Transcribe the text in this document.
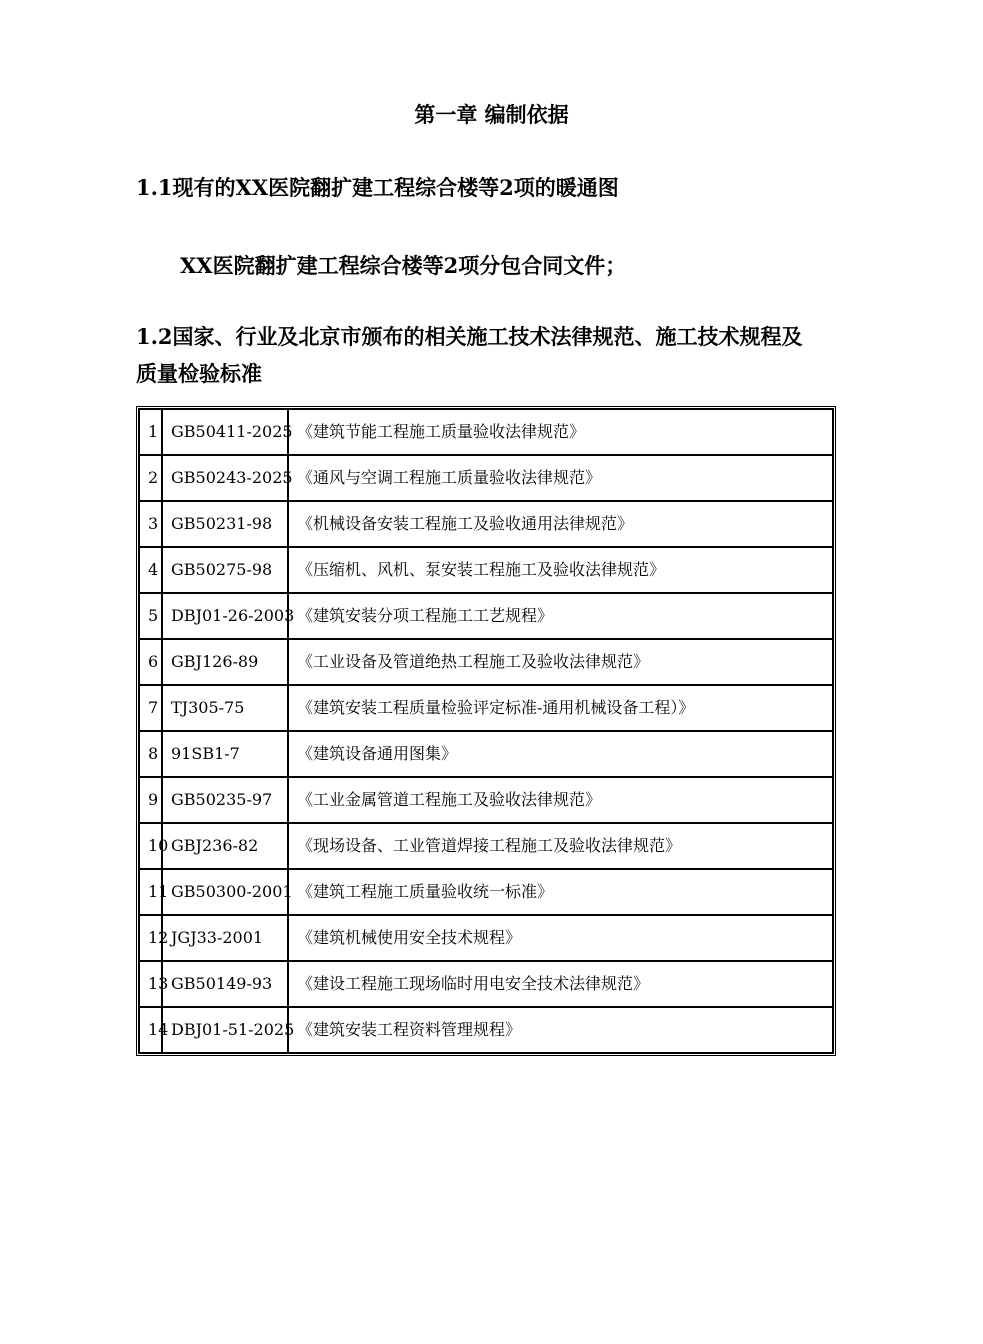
第一章 编制依据
1.1现有的XX医院翻扩建工程综合楼等2项的暖通图
XX医院翻扩建工程综合楼等2项分包合同文件；
1.2国家、行业及北京市颁布的相关施工技术法律规范、施工技术规程及
质量检验标准
1	GB50411-2025	《建筑节能工程施工质量验收法律规范》
2	GB50243-2025	《通风与空调工程施工质量验收法律规范》
3	GB50231-98	《机械设备安装工程施工及验收通用法律规范》
4	GB50275-98	《压缩机、风机、泵安装工程施工及验收法律规范》
5	DBJ01-26-2003	《建筑安装分项工程施工工艺规程》
6	GBJ126-89	《工业设备及管道绝热工程施工及验收法律规范》
7	TJ305-75	《建筑安装工程质量检验评定标准-通用机械设备工程）》
8	91SB1-7	《建筑设备通用图集》
9	GB50235-97	《工业金属管道工程施工及验收法律规范》
10	GBJ236-82	《现场设备、工业管道焊接工程施工及验收法律规范》
11	GB50300-2001	《建筑工程施工质量验收统一标准》
12	JGJ33-2001	《建筑机械使用安全技术规程》
13	GB50149-93	《建设工程施工现场临时用电安全技术法律规范》
14	DBJ01-51-2025	《建筑安装工程资料管理规程》
